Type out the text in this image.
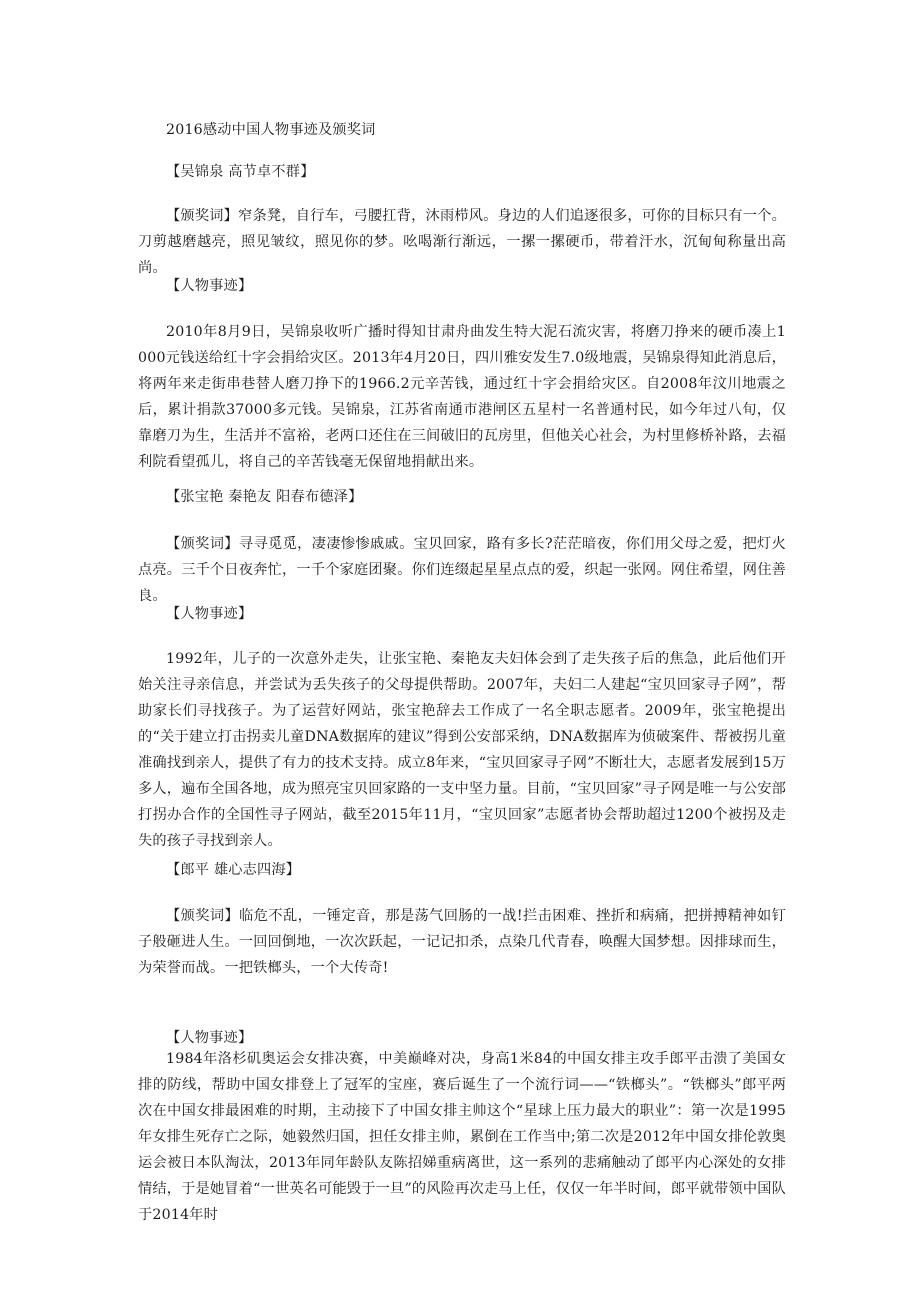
2016感动中国人物事迹及颁奖词

【吴锦泉 高节卓不群】

【颁奖词】窄条凳，自行车，弓腰扛背，沐雨栉风。身边的人们追逐很多，可你的目标只有一个。刀剪越磨越亮，照见皱纹，照见你的梦。吆喝渐行渐远，一摞一摞硬币，带着汗水，沉甸甸称量出高尚。

【人物事迹】

2010年8月9日，吴锦泉收听广播时得知甘肃舟曲发生特大泥石流灾害，将磨刀挣来的硬币凑上1000元钱送给红十字会捐给灾区。2013年4月20日，四川雅安发生7.0级地震，吴锦泉得知此消息后，将两年来走街串巷替人磨刀挣下的1966.2元辛苦钱，通过红十字会捐给灾区。自2008年汶川地震之后，累计捐款37000多元钱。吴锦泉，江苏省南通市港闸区五星村一名普通村民，如今年过八旬，仅靠磨刀为生，生活并不富裕，老两口还住在三间破旧的瓦房里，但他关心社会，为村里修桥补路，去福利院看望孤儿，将自己的辛苦钱毫无保留地捐献出来。

【张宝艳 秦艳友 阳春布德泽】

【颁奖词】寻寻觅觅，凄凄惨惨戚戚。宝贝回家，路有多长?茫茫暗夜，你们用父母之爱，把灯火点亮。三千个日夜奔忙，一千个家庭团聚。你们连缀起星星点点的爱，织起一张网。网住希望，网住善良。

【人物事迹】

1992年，儿子的一次意外走失，让张宝艳、秦艳友夫妇体会到了走失孩子后的焦急，此后他们开始关注寻亲信息，并尝试为丢失孩子的父母提供帮助。2007年，夫妇二人建起“宝贝回家寻子网”，帮助家长们寻找孩子。为了运营好网站，张宝艳辞去工作成了一名全职志愿者。2009年，张宝艳提出的“关于建立打击拐卖儿童DNA数据库的建议”得到公安部采纳，DNA数据库为侦破案件、帮被拐儿童准确找到亲人，提供了有力的技术支持。成立8年来，“宝贝回家寻子网”不断壮大，志愿者发展到15万多人，遍布全国各地，成为照亮宝贝回家路的一支中坚力量。目前，“宝贝回家”寻子网是唯一与公安部打拐办合作的全国性寻子网站，截至2015年11月，“宝贝回家”志愿者协会帮助超过1200个被拐及走失的孩子寻找到亲人。

【郎平 雄心志四海】

【颁奖词】临危不乱，一锤定音，那是荡气回肠的一战!拦击困难、挫折和病痛，把拼搏精神如钉子般砸进人生。一回回倒地，一次次跃起，一记记扣杀，点染几代青春，唤醒大国梦想。因排球而生，为荣誉而战。一把铁榔头，一个大传奇!

【人物事迹】

1984年洛杉矶奥运会女排决赛，中美巅峰对决，身高1米84的中国女排主攻手郎平击溃了美国女排的防线，帮助中国女排登上了冠军的宝座，赛后诞生了一个流行词——“铁榔头”。“铁榔头”郎平两次在中国女排最困难的时期，主动接下了中国女排主帅这个“星球上压力最大的职业”：第一次是1995年女排生死存亡之际，她毅然归国，担任女排主帅，累倒在工作当中;第二次是2012年中国女排伦敦奥运会被日本队淘汰，2013年同年龄队友陈招娣重病离世，这一系列的悲痛触动了郎平内心深处的女排情结，于是她冒着“一世英名可能毁于一旦”的风险再次走马上任，仅仅一年半时间，郎平就带领中国队于2014年时
